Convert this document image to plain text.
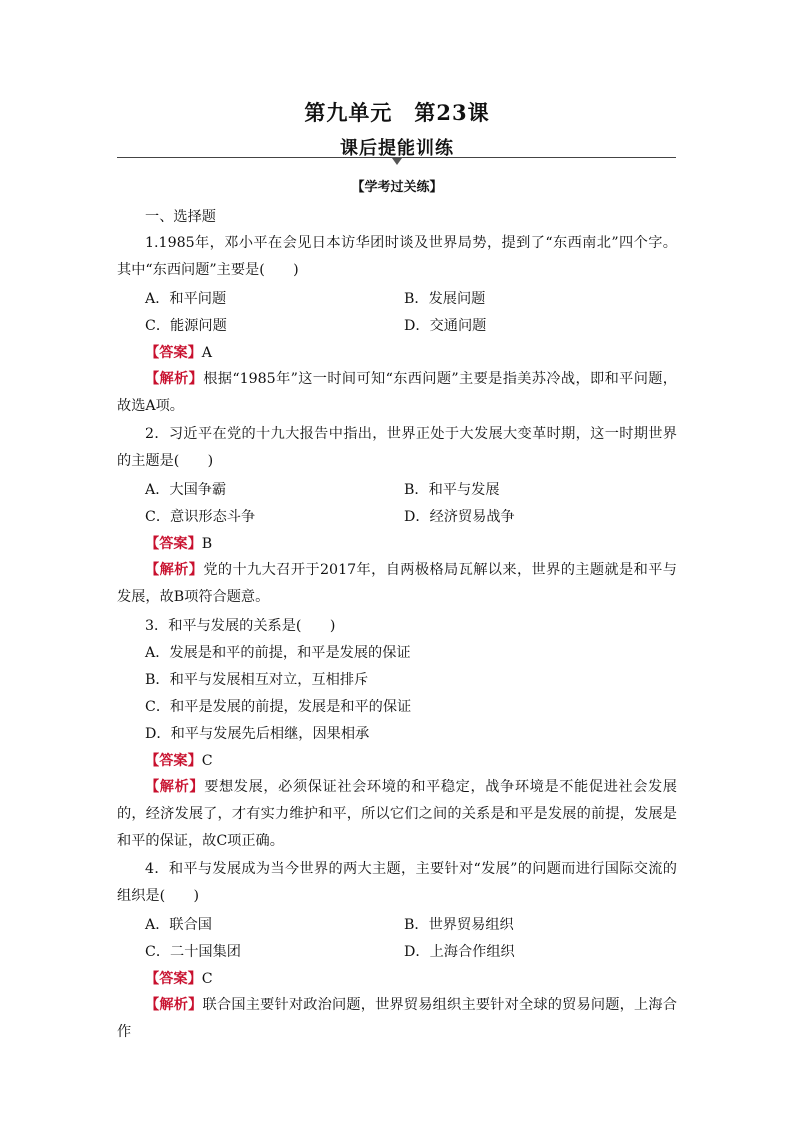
第九单元　第23课
课后提能训练
【学考过关练】
一、选择题
1.1985年，邓小平在会见日本访华团时谈及世界局势，提到了“东西南北”四个字。其中“东西问题”主要是(　　)
A．和平问题	B．发展问题
C．能源问题	D．交通问题
【答案】A
【解析】根据“1985年”这一时间可知“东西问题”主要是指美苏冷战，即和平问题，故选A项。
2．习近平在党的十九大报告中指出，世界正处于大发展大变革时期，这一时期世界的主题是(　　)
A．大国争霸	B．和平与发展
C．意识形态斗争	D．经济贸易战争
【答案】B
【解析】党的十九大召开于2017年，自两极格局瓦解以来，世界的主题就是和平与发展，故B项符合题意。
3．和平与发展的关系是(　　)
A．发展是和平的前提，和平是发展的保证
B．和平与发展相互对立，互相排斥
C．和平是发展的前提，发展是和平的保证
D．和平与发展先后相继，因果相承
【答案】C
【解析】要想发展，必须保证社会环境的和平稳定，战争环境是不能促进社会发展的，经济发展了，才有实力维护和平，所以它们之间的关系是和平是发展的前提，发展是和平的保证，故C项正确。
4．和平与发展成为当今世界的两大主题，主要针对“发展”的问题而进行国际交流的组织是(　　)
A．联合国	B．世界贸易组织
C．二十国集团	D．上海合作组织
【答案】C
【解析】联合国主要针对政治问题，世界贸易组织主要针对全球的贸易问题，上海合作
